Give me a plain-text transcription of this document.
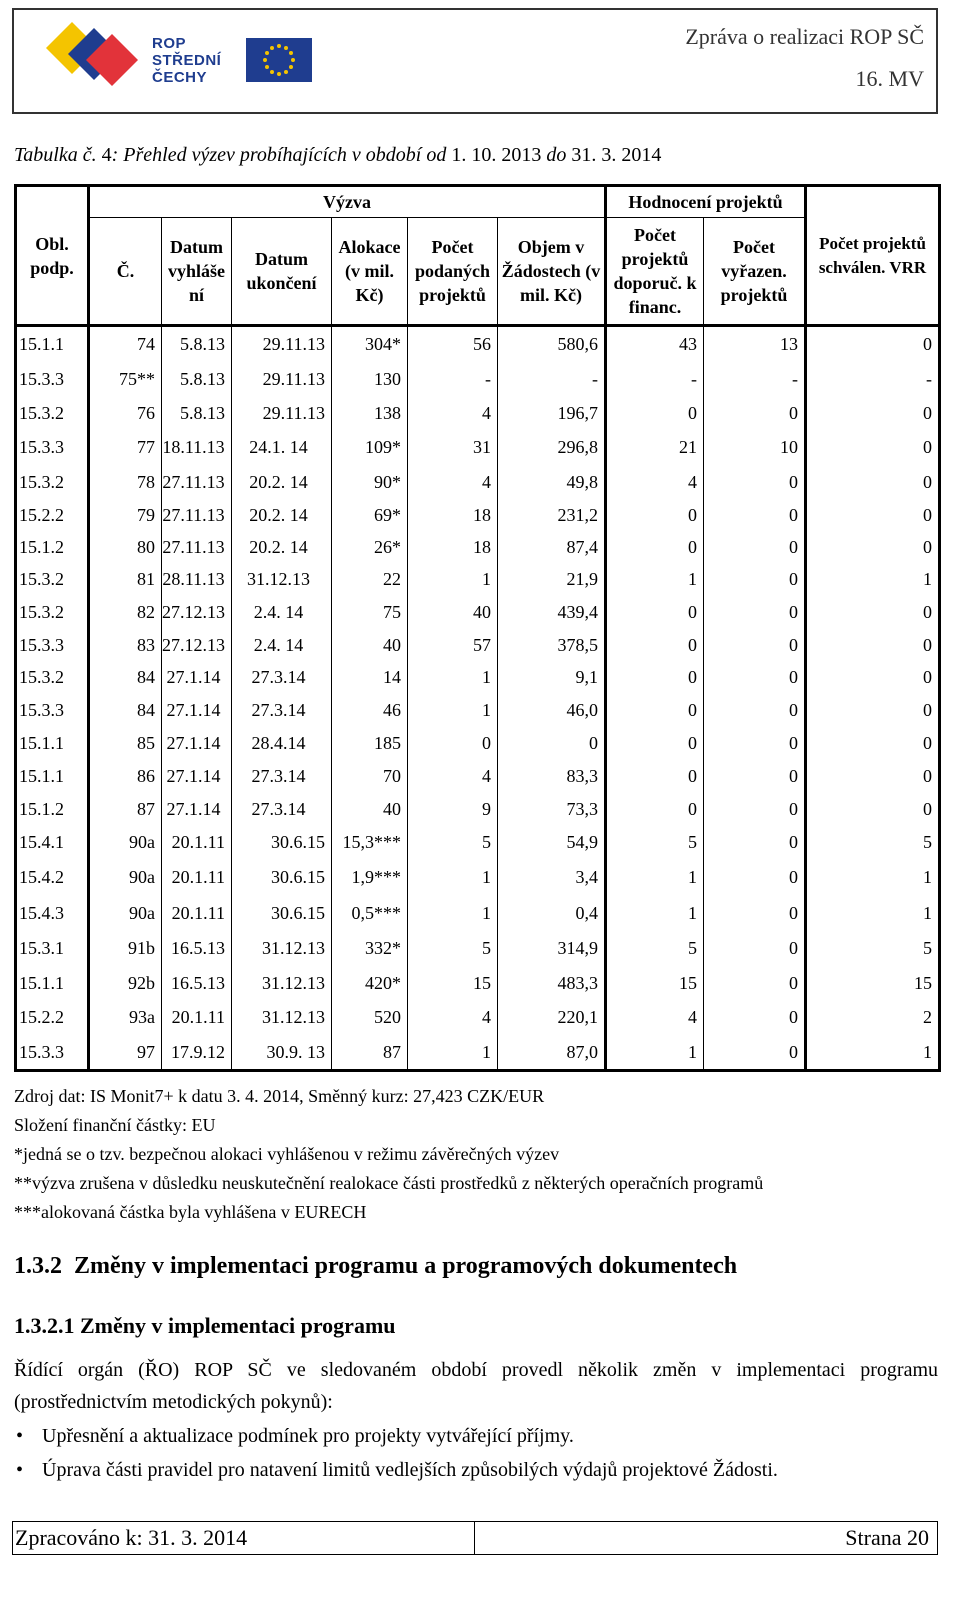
ROP
STŘEDNÍ
ČECHY
Zpráva o realizaci ROP SČ
16. MV
Tabulka č. 4: Přehled výzev probíhajících v období od 1. 10. 2013 do 31. 3. 2014
Obl. podp.	Výzva						Hodnocení projektů		Počet projektů schválen. VRR
	Č.	Datum vyhláše ní	Datum ukončení	Alokace (v mil. Kč)	Počet podaných projektů	Objem v Žádostech (v mil. Kč)	Počet projektů doporuč. k financ.	Počet vyřazen. projektů	
15.1.1	74	5.8.13	29.11.13	304*	56	580,6	43	13	0
15.3.3	75**	5.8.13	29.11.13	130	-	-	-	-	-
15.3.2	76	5.8.13	29.11.13	138	4	196,7	0	0	0
15.3.3	77	18.11.13	24.1. 14	109*	31	296,8	21	10	0
15.3.2	78	27.11.13	20.2. 14	90*	4	49,8	4	0	0
15.2.2	79	27.11.13	20.2. 14	69*	18	231,2	0	0	0
15.1.2	80	27.11.13	20.2. 14	26*	18	87,4	0	0	0
15.3.2	81	28.11.13	31.12.13	22	1	21,9	1	0	1
15.3.2	82	27.12.13	2.4. 14	75	40	439,4	0	0	0
15.3.3	83	27.12.13	2.4. 14	40	57	378,5	0	0	0
15.3.2	84	27.1.14	27.3.14	14	1	9,1	0	0	0
15.3.3	84	27.1.14	27.3.14	46	1	46,0	0	0	0
15.1.1	85	27.1.14	28.4.14	185	0	0	0	0	0
15.1.1	86	27.1.14	27.3.14	70	4	83,3	0	0	0
15.1.2	87	27.1.14	27.3.14	40	9	73,3	0	0	0
15.4.1	90a	20.1.11	30.6.15	15,3***	5	54,9	5	0	5
15.4.2	90a	20.1.11	30.6.15	1,9***	1	3,4	1	0	1
15.4.3	90a	20.1.11	30.6.15	0,5***	1	0,4	1	0	1
15.3.1	91b	16.5.13	31.12.13	332*	5	314,9	5	0	5
15.1.1	92b	16.5.13	31.12.13	420*	15	483,3	15	0	15
15.2.2	93a	20.1.11	31.12.13	520	4	220,1	4	0	2
15.3.3	97	17.9.12	30.9. 13	87	1	87,0	1	0	1
Zdroj dat: IS Monit7+ k datu 3. 4. 2014, Směnný kurz: 27,423 CZK/EUR
Složení finanční částky: EU
*jedná se o tzv. bezpečnou alokaci vyhlášenou v režimu závěrečných výzev
**výzva zrušena v důsledku neuskutečnění realokace části prostředků z některých operačních programů
***alokovaná částka byla vyhlášena v EURECH
1.3.2 Změny v implementaci programu a programových dokumentech
1.3.2.1 Změny v implementaci programu
Řídící orgán (ŘO) ROP SČ ve sledovaném období provedl několik změn v implementaci programu (prostřednictvím metodických pokynů):
• Upřesnění a aktualizace podmínek pro projekty vytvářející příjmy.
• Úprava části pravidel pro natavení limitů vedlejších způsobilých výdajů projektové Žádosti.
Zpracováno k: 31. 3. 2014	Strana 20
